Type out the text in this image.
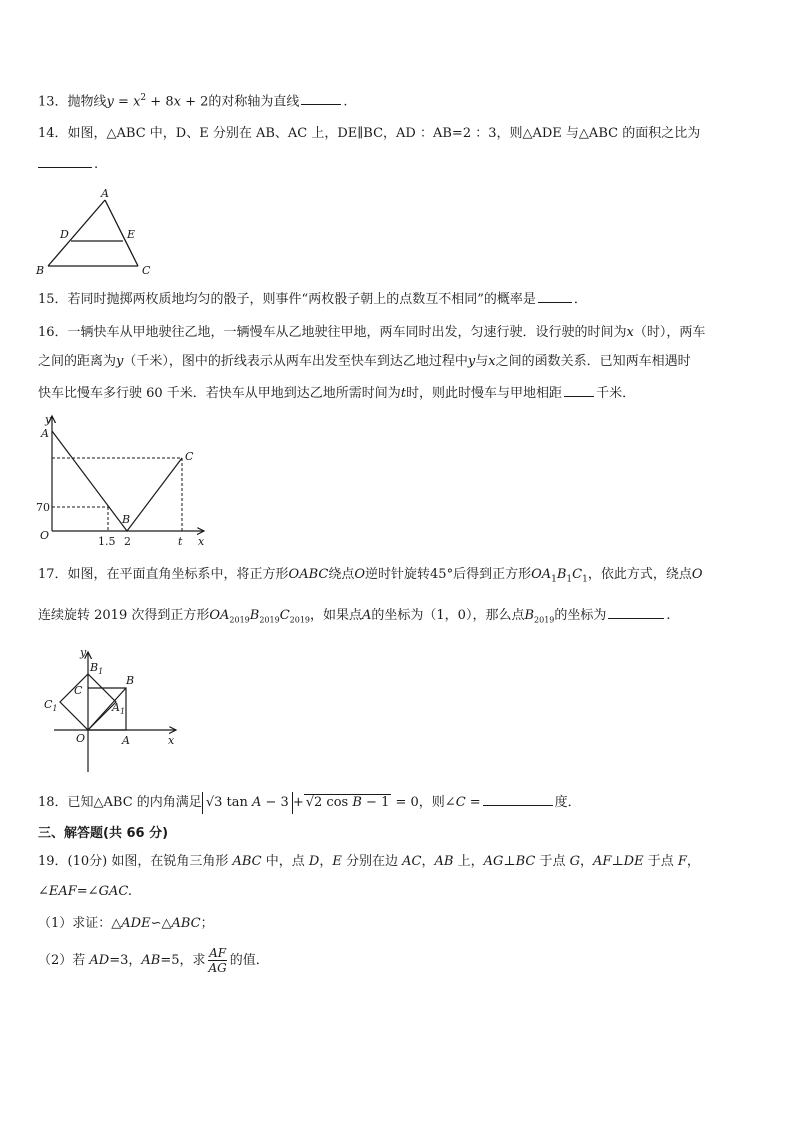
13．抛物线$y = x^2 + 8x + 2$的对称轴为直线	.
14．如图，△ABC 中，D、E 分别在 AB、AC 上，DE∥BC，AD ：AB=2 ：3，则△ADE 与△ABC 的面积之比为
.
A
D	E
B	C
15．若同时抛掷两枚质地均匀的骰子，则事件“两枚骰子朝上的点数互不相同”的概率是	．
16．一辆快车从甲地驶往乙地，一辆慢车从乙地驶往甲地，两车同时出发，匀速行驶．设行驶的时间为x（时），两车
之间的距离为y（千米），图中的折线表示从两车出发至快车到达乙地过程中y与x之间的函数关系．已知两车相遇时
快车比慢车多行驶 60 千米．若快车从甲地到达乙地所需时间为t时，则此时慢车与甲地相距	千米．
y
A
C
70
B
O	1.5 2	t x
17．如图，在平面直角坐标系中，将正方形OABC绕点O逆时针旋转45°后得到正方形$OA_1B_1C_1$，依此方式，绕点O
连续旋转 2019 次得到正方形$OA_{2019}B_{2019}C_{2019}$，如果点A的坐标为（1，0），那么点$B_{2019}$的坐标为	.
y
$B_1$
B
C
$C_1$	$A_1$
O	A	x
18．已知△ABC 的内角满足 √3 tan A − 3 + √2 cos B − 1 = 0，则∠C =	度．
三、解答题(共 66 分)
19．(10分) 如图，在锐角三角形 ABC 中，点 D，E 分别在边 AC，AB 上，AG⊥BC 于点 G，AF⊥DE 于点 F，
∠EAF=∠GAC.
（1）求证：△ADE∽△ABC；
（2）若 AD=3，AB=5，求 $\frac{AF}{AG}$ 的值．
